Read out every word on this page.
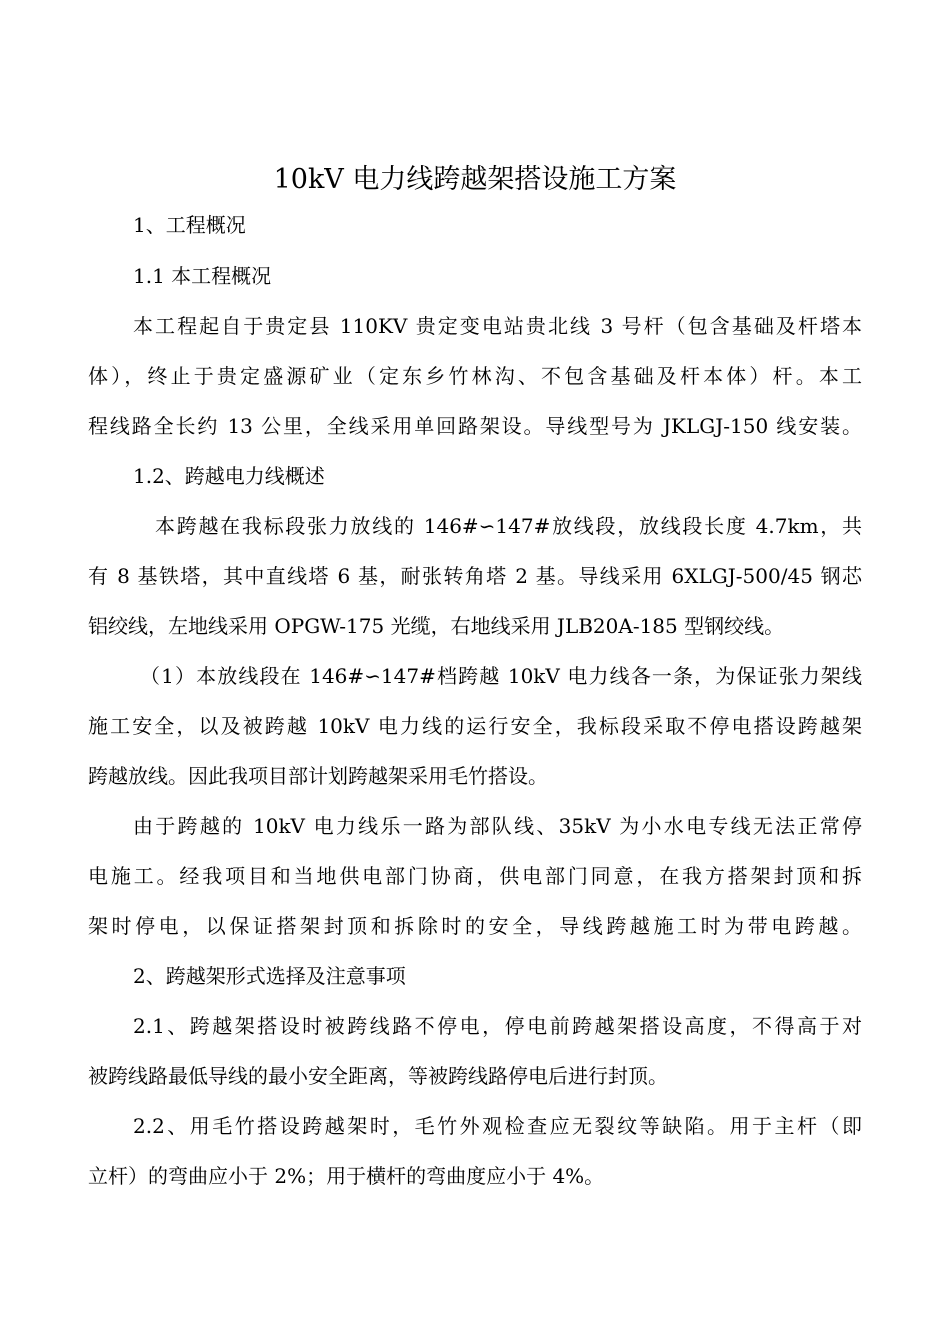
10kV 电力线跨越架搭设施工方案
1、工程概况
1.1 本工程概况
本工程起自于贵定县 110KV 贵定变电站贵北线 3 号杆（包含基础及杆塔本
体），终止于贵定盛源矿业（定东乡竹林沟、不包含基础及杆本体）杆。本工
程线路全长约 13 公里，全线采用单回路架设。导线型号为 JKLGJ-150 线安装。
1.2、跨越电力线概述
本跨越在我标段张力放线的 146#∽147#放线段，放线段长度 4.7km，共
有 8 基铁塔，其中直线塔 6 基，耐张转角塔 2 基。导线采用 6XLGJ-500/45 钢芯
铝绞线，左地线采用 OPGW-175 光缆，右地线采用 JLB20A-185 型钢绞线。
（1）本放线段在 146#∽147#档跨越 10kV 电力线各一条，为保证张力架线
施工安全，以及被跨越 10kV 电力线的运行安全，我标段采取不停电搭设跨越架
跨越放线。因此我项目部计划跨越架采用毛竹搭设。
由于跨越的 10kV 电力线乐一路为部队线、35kV 为小水电专线无法正常停
电施工。经我项目和当地供电部门协商，供电部门同意，在我方搭架封顶和拆
架时停电，以保证搭架封顶和拆除时的安全，导线跨越施工时为带电跨越。
2、跨越架形式选择及注意事项
2.1、跨越架搭设时被跨线路不停电，停电前跨越架搭设高度，不得高于对
被跨线路最低导线的最小安全距离，等被跨线路停电后进行封顶。
2.2、用毛竹搭设跨越架时，毛竹外观检查应无裂纹等缺陷。用于主杆（即
立杆）的弯曲应小于 2%；用于横杆的弯曲度应小于 4%。
